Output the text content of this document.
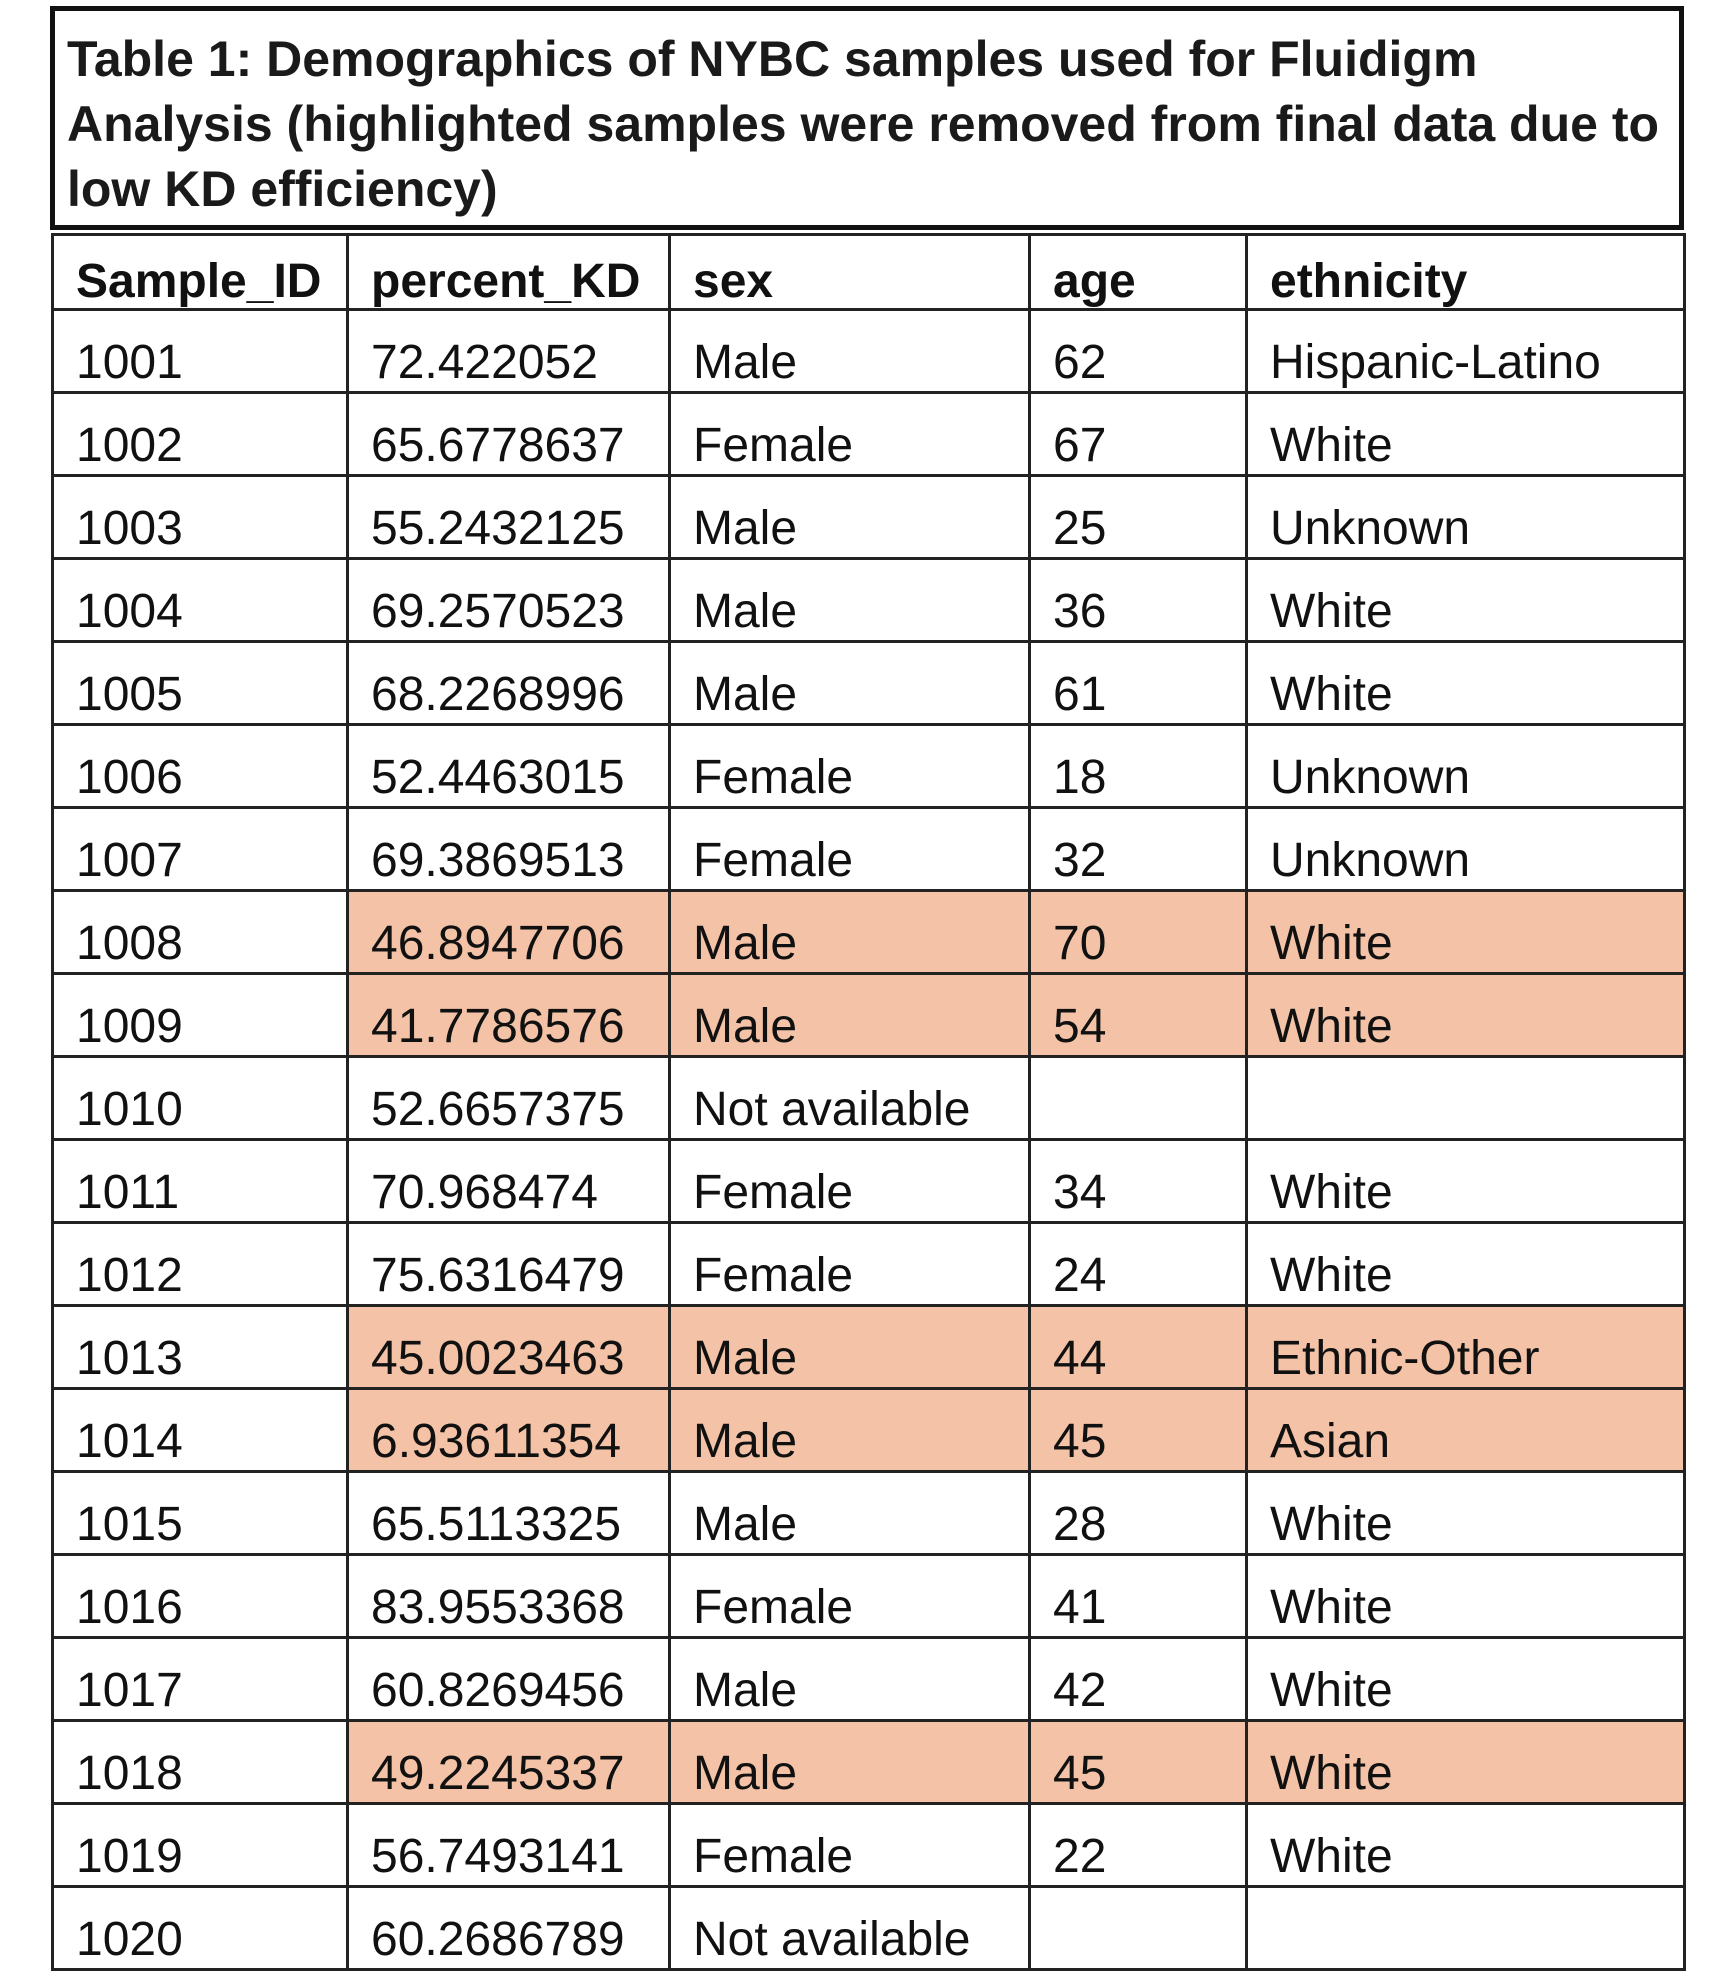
Table 1: Demographics of NYBC samples used for Fluidigm Analysis (highlighted samples were removed from final data due to low KD efficiency)
Sample_ID	percent_KD	sex	age	ethnicity
1001	72.422052	Male	62	Hispanic-Latino
1002	65.6778637	Female	67	White
1003	55.2432125	Male	25	Unknown
1004	69.2570523	Male	36	White
1005	68.2268996	Male	61	White
1006	52.4463015	Female	18	Unknown
1007	69.3869513	Female	32	Unknown
1008	46.8947706	Male	70	White
1009	41.7786576	Male	54	White
1010	52.6657375	Not available		
1011	70.968474	Female	34	White
1012	75.6316479	Female	24	White
1013	45.0023463	Male	44	Ethnic-Other
1014	6.93611354	Male	45	Asian
1015	65.5113325	Male	28	White
1016	83.9553368	Female	41	White
1017	60.8269456	Male	42	White
1018	49.2245337	Male	45	White
1019	56.7493141	Female	22	White
1020	60.2686789	Not available		
